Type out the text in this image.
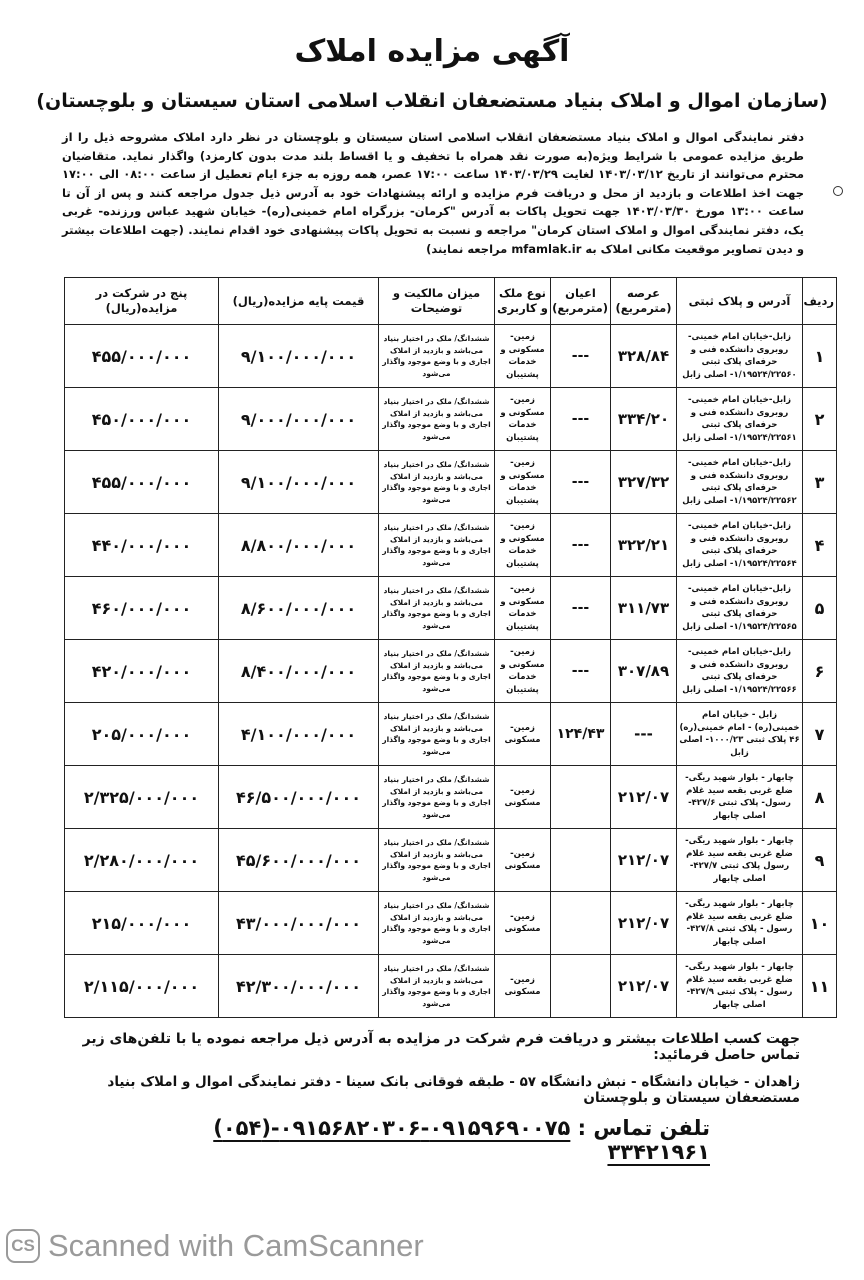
آگهی مزایده املاک
(سازمان اموال و املاک بنیاد مستضعفان انقلاب اسلامی استان سیستان و بلوچستان)
دفتر نمایندگی اموال و املاک بنیاد مستضعفان انقلاب اسلامی استان سیستان و بلوچستان در نظر دارد املاک مشروحه ذیل را از طریق مزایده عمومی با شرایط ویژه(به صورت نقد همراه با تخفیف و یا اقساط بلند مدت بدون کارمزد) واگذار نماید. متقاضیان محترم می‌توانند از تاریخ ۱۴۰۳/۰۳/۱۲ لغایت ۱۴۰۳/۰۳/۲۹ ساعت ۱۷:۰۰ عصر، همه روزه به جزء ایام تعطیل از ساعت ۰۸:۰۰ الی ۱۷:۰۰ جهت اخذ اطلاعات و بازدید از محل و دریافت فرم مزایده و ارائه پیشنهادات خود به آدرس ذیل جدول مراجعه کنند و پس از آن تا ساعت ۱۳:۰۰ مورخ ۱۴۰۳/۰۳/۳۰ جهت تحویل پاکات به آدرس "کرمان- بزرگراه امام خمینی(ره)- خیابان شهید عباس ورزنده- غربی یک، دفتر نمایندگی اموال و املاک استان کرمان" مراجعه و نسبت به تحویل پاکات پیشنهادی خود اقدام نمایند. (جهت اطلاعات بیشتر و دیدن تصاویر موقعیت مکانی املاک به mfamlak.ir مراجعه نمایند)
ردیف	آدرس و پلاک ثبتی	عرصه (مترمربع)	اعیان (مترمربع)	نوع ملک و کاربری	میزان مالکیت و توضیحات	قیمت پایه مزایده(ریال)	پنج در شرکت در مزایده(ریال)
۱	زابل-خیابان امام خمینی- روبروی دانشکده فنی و حرفه‌ای پلاک ثبتی ۱/۱۹۵۲۴/۲۲۵۶۰- اصلی زابل	۳۲۸/۸۴	---	زمین- مسکونی و خدمات پشتیبان	ششدانگ/ ملک در اختیار بنیاد می‌باشد و بازدید از املاک اجاری و با وضع موجود واگذار می‌شود	۹/۱۰۰/۰۰۰/۰۰۰	۴۵۵/۰۰۰/۰۰۰
۲	زابل-خیابان امام خمینی- روبروی دانشکده فنی و حرفه‌ای پلاک ثبتی ۱/۱۹۵۲۴/۲۲۵۶۱- اصلی زابل	۳۳۴/۲۰	---	زمین- مسکونی و خدمات پشتیبان	ششدانگ/ ملک در اختیار بنیاد می‌باشد و بازدید از املاک اجاری و با وضع موجود واگذار می‌شود	۹/۰۰۰/۰۰۰/۰۰۰	۴۵۰/۰۰۰/۰۰۰
۳	زابل-خیابان امام خمینی- روبروی دانشکده فنی و حرفه‌ای پلاک ثبتی ۱/۱۹۵۲۴/۲۲۵۶۲- اصلی زابل	۳۲۷/۳۲	---	زمین- مسکونی و خدمات پشتیبان	ششدانگ/ ملک در اختیار بنیاد می‌باشد و بازدید از املاک اجاری و با وضع موجود واگذار می‌شود	۹/۱۰۰/۰۰۰/۰۰۰	۴۵۵/۰۰۰/۰۰۰
۴	زابل-خیابان امام خمینی- روبروی دانشکده فنی و حرفه‌ای پلاک ثبتی ۱/۱۹۵۲۴/۲۲۵۶۴- اصلی زابل	۳۲۲/۲۱	---	زمین- مسکونی و خدمات پشتیبان	ششدانگ/ ملک در اختیار بنیاد می‌باشد و بازدید از املاک اجاری و با وضع موجود واگذار می‌شود	۸/۸۰۰/۰۰۰/۰۰۰	۴۴۰/۰۰۰/۰۰۰
۵	زابل-خیابان امام خمینی- روبروی دانشکده فنی و حرفه‌ای پلاک ثبتی ۱/۱۹۵۲۴/۲۲۵۶۵- اصلی زابل	۳۱۱/۷۳	---	زمین- مسکونی و خدمات پشتیبان	ششدانگ/ ملک در اختیار بنیاد می‌باشد و بازدید از املاک اجاری و با وضع موجود واگذار می‌شود	۸/۶۰۰/۰۰۰/۰۰۰	۴۶۰/۰۰۰/۰۰۰
۶	زابل-خیابان امام خمینی- روبروی دانشکده فنی و حرفه‌ای پلاک ثبتی ۱/۱۹۵۲۴/۲۲۵۶۶- اصلی زابل	۳۰۷/۸۹	---	زمین- مسکونی و خدمات پشتیبان	ششدانگ/ ملک در اختیار بنیاد می‌باشد و بازدید از املاک اجاری و با وضع موجود واگذار می‌شود	۸/۴۰۰/۰۰۰/۰۰۰	۴۲۰/۰۰۰/۰۰۰
۷	زابل - خیابان امام خمینی(ره) - امام خمینی(ره) ۴۶ پلاک ثبتی ۱۰۰۰/۲۳- اصلی زابل	---	۱۲۴/۴۳	زمین- مسکونی	ششدانگ/ ملک در اختیار بنیاد می‌باشد و بازدید از املاک اجاری و با وضع موجود واگذار می‌شود	۴/۱۰۰/۰۰۰/۰۰۰	۲۰۵/۰۰۰/۰۰۰
۸	چابهار - بلوار شهید ریگی- ضلع غربی بقعه سید غلام رسول- پلاک ثبتی ۴۲۷/۶- اصلی چابهار	۲۱۲/۰۷		زمین- مسکونی	ششدانگ/ ملک در اختیار بنیاد می‌باشد و بازدید از املاک اجاری و با وضع موجود واگذار می‌شود	۴۶/۵۰۰/۰۰۰/۰۰۰	۲/۳۲۵/۰۰۰/۰۰۰
۹	چابهار - بلوار شهید ریگی- ضلع غربی بقعه سید غلام رسول پلاک ثبتی ۴۲۷/۷- اصلی چابهار	۲۱۲/۰۷		زمین- مسکونی	ششدانگ/ ملک در اختیار بنیاد می‌باشد و بازدید از املاک اجاری و با وضع موجود واگذار می‌شود	۴۵/۶۰۰/۰۰۰/۰۰۰	۲/۲۸۰/۰۰۰/۰۰۰
۱۰	چابهار - بلوار شهید ریگی- ضلع غربی بقعه سید غلام رسول - پلاک ثبتی ۴۲۷/۸- اصلی چابهار	۲۱۲/۰۷		زمین- مسکونی	ششدانگ/ ملک در اختیار بنیاد می‌باشد و بازدید از املاک اجاری و با وضع موجود واگذار می‌شود	۴۳/۰۰۰/۰۰۰/۰۰۰	۲۱۵/۰۰۰/۰۰۰
۱۱	چابهار - بلوار شهید ریگی- ضلع غربی بقعه سید غلام رسول - پلاک ثبتی ۴۲۷/۹- اصلی چابهار	۲۱۲/۰۷		زمین- مسکونی	ششدانگ/ ملک در اختیار بنیاد می‌باشد و بازدید از املاک اجاری و با وضع موجود واگذار می‌شود	۴۲/۳۰۰/۰۰۰/۰۰۰	۲/۱۱۵/۰۰۰/۰۰۰
جهت کسب اطلاعات بیشتر و دریافت فرم شرکت در مزایده به آدرس ذیل مراجعه نموده یا با تلفن‌های زیر تماس حاصل فرمائید:
زاهدان - خیابان دانشگاه - نبش دانشگاه ۵۷ - طبقه فوقانی بانک سینا - دفتر نمایندگی اموال و املاک بنیاد مستضعفان سیستان و بلوچستان
تلفن تماس : ۰۹۱۵۹۶۹۰۰۷۵-۰۹۱۵۶۸۲۰۳۰۶-(۰۵۴) ۳۳۴۲۱۹۶۱
CS Scanned with CamScanner
